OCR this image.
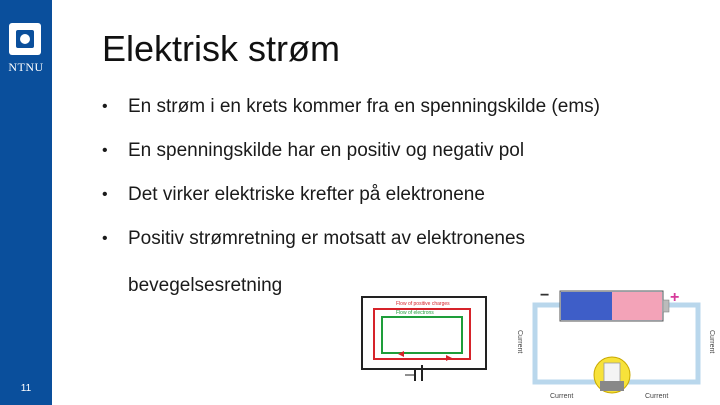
NTNU
11
Elektrisk strøm
• En strøm i en krets kommer fra en spenningskilde (ems)
• En spenningskilde har en positiv og negativ pol
• Det virker elektriske krefter på elektronene
• Positiv strømretning er motsatt av elektronenes
bevegelsesretning
Flow of positive charges
Flow of electrons
−	+
Current	Current
Current	Current
